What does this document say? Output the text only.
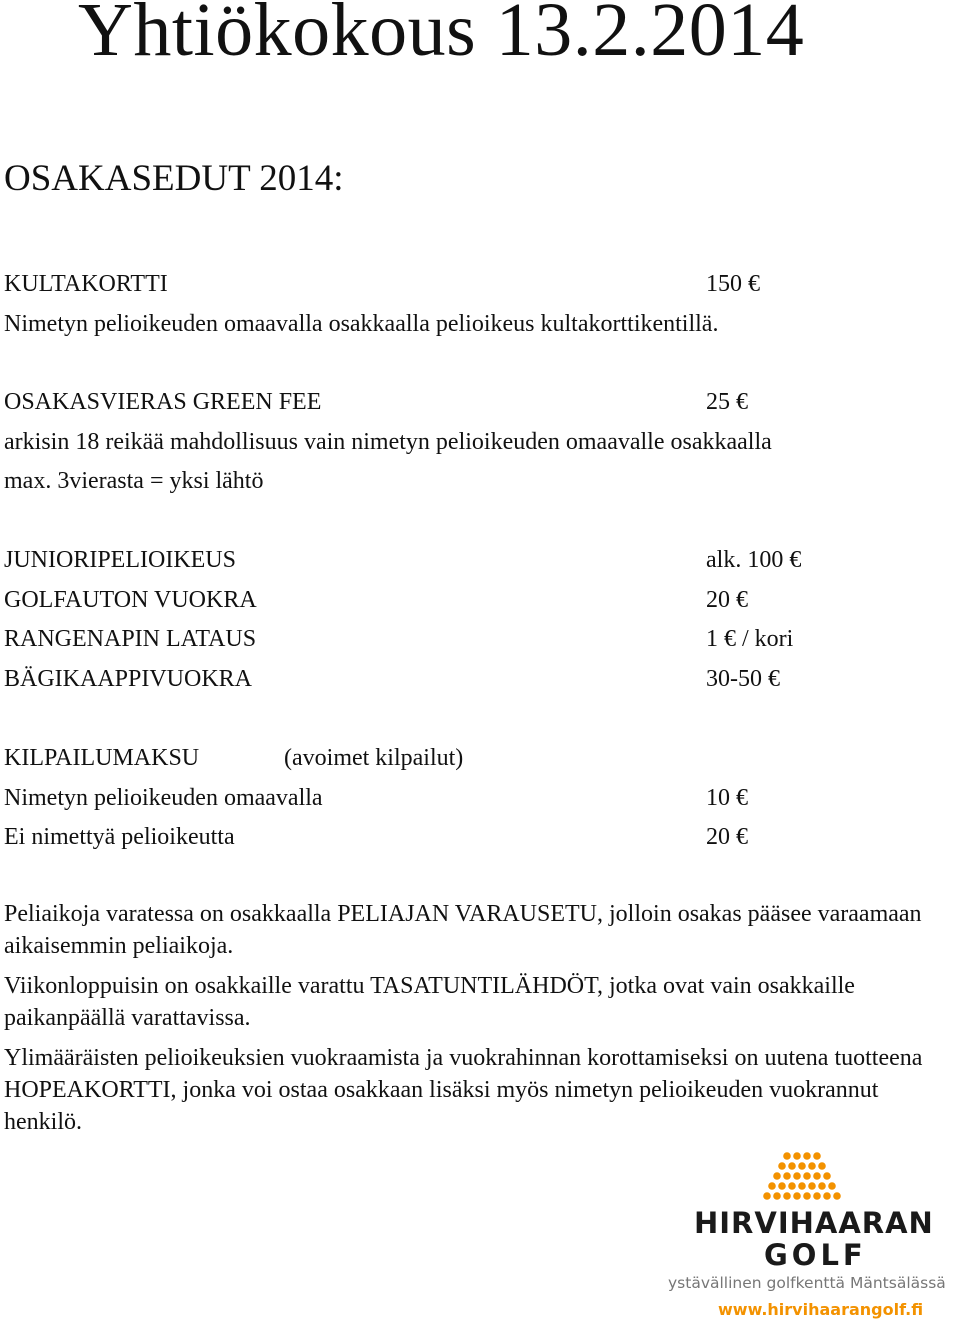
Yhtiökokous 13.2.2014
OSAKASEDUT 2014:
KULTAKORTTI	150 €
Nimetyn pelioikeuden omaavalla osakkaalla pelioikeus kultakorttikentillä.
OSAKASVIERAS GREEN FEE	25 €
arkisin 18 reikää mahdollisuus vain nimetyn pelioikeuden omaavalle osakkaalla
max. 3vierasta = yksi lähtö
JUNIORIPELIOIKEUS	alk. 100 €
GOLFAUTON VUOKRA	20 €
RANGENAPIN LATAUS	1 € / kori
BÄGIKAAPPIVUOKRA	30-50 €
KILPAILUMAKSU	(avoimet kilpailut)
Nimetyn pelioikeuden omaavalla	10 €
Ei nimettyä pelioikeutta	20 €
Peliaikoja varatessa on osakkaalla PELIAJAN VARAUSETU, jolloin osakas pääsee varaamaan aikaisemmin peliaikoja.
Viikonloppuisin on osakkaille varattu TASATUNTILÄHDÖT, jotka ovat vain osakkaille paikanpäällä varattavissa.
Ylimääräisten pelioikeuksien vuokraamista ja vuokrahinnan korottamiseksi on uutena tuotteena HOPEAKORTTI, jonka voi ostaa osakkaan lisäksi myös nimetyn pelioikeuden vuokrannut henkilö.
HIRVIHAARAN
GOLF
ystävällinen golfkenttä Mäntsälässä
www.hirvihaarangolf.fi
